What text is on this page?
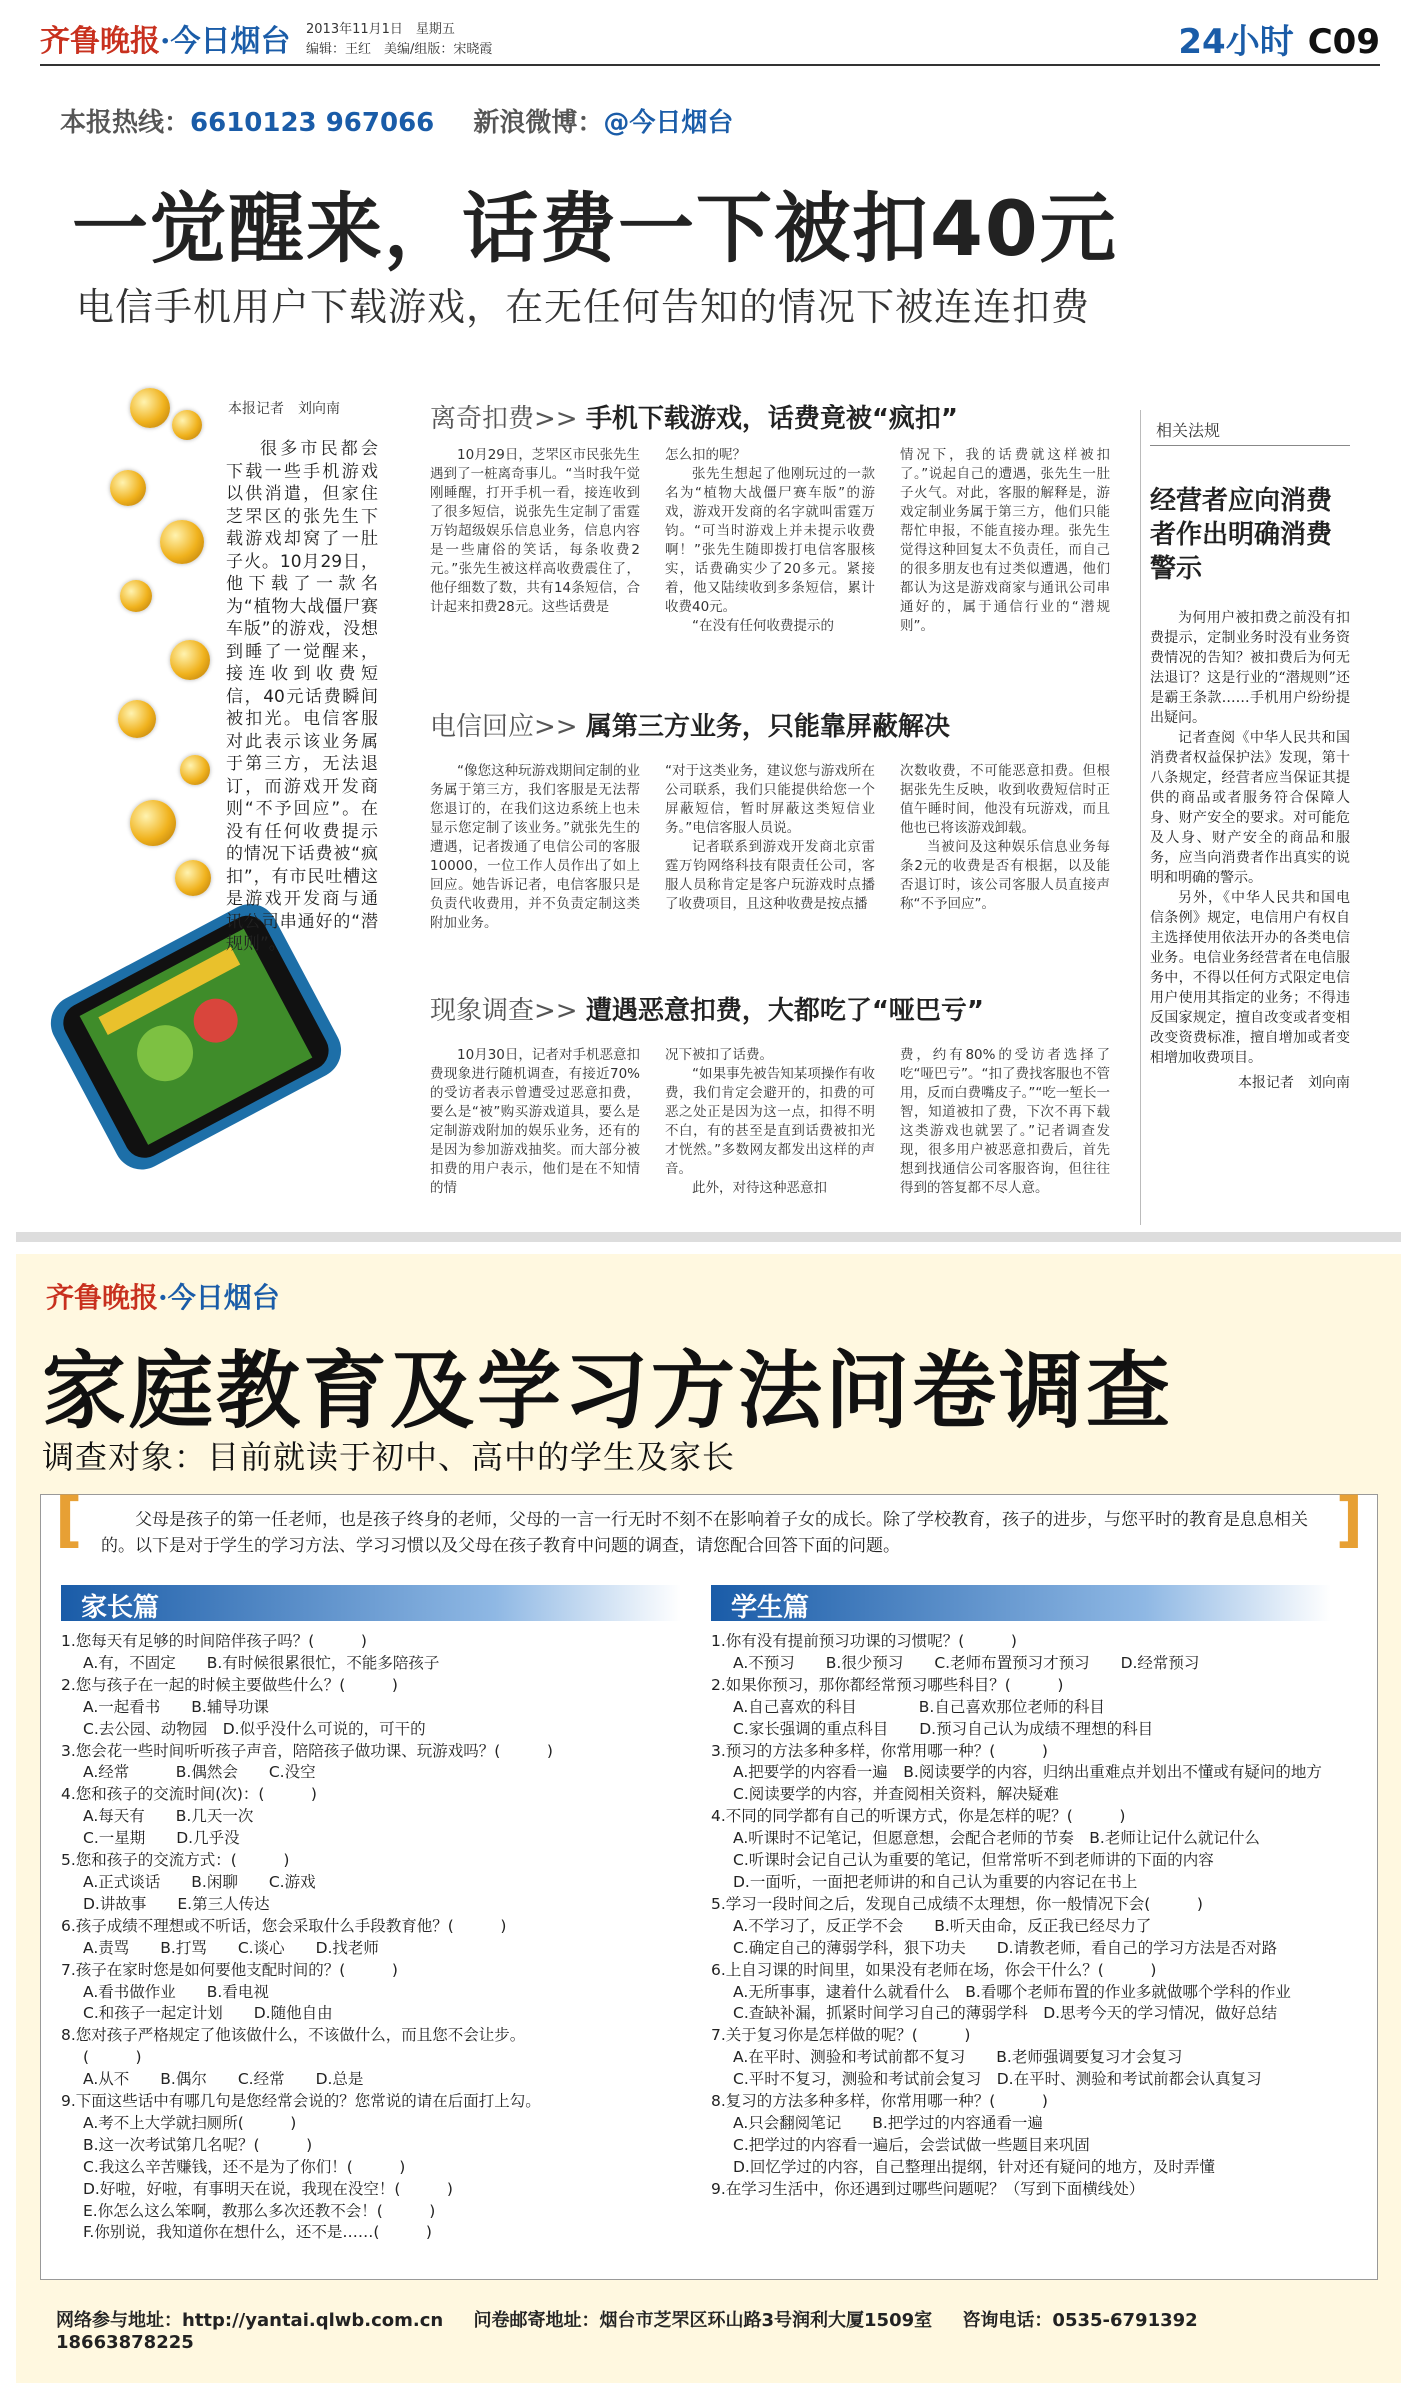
齐鲁晚报·今日烟台 2013年11月1日　星期五
编辑：王红　美编/组版：宋晓霞	24小时 C09
本报热线：6610123 967066 新浪微博：@今日烟台
一觉醒来，话费一下被扣40元
电信手机用户下载游戏，在无任何告知的情况下被连连扣费
本报记者　刘向南

很多市民都会下载一些手机游戏以供消遣，但家住芝罘区的张先生下载游戏却窝了一肚子火。10月29日，他下载了一款名为“植物大战僵尸赛车版”的游戏，没想到睡了一觉醒来，接连收到收费短信，40元话费瞬间被扣光。电信客服对此表示该业务属于第三方，无法退订，而游戏开发商则“不予回应”。在没有任何收费提示的情况下话费被“疯扣”，有市民吐槽这是游戏开发商与通讯公司串通好的“潜规则”。

离奇扣费>> 手机下载游戏，话费竟被“疯扣”

10月29日，芝罘区市民张先生遇到了一桩离奇事儿。“当时我午觉刚睡醒，打开手机一看，接连收到了很多短信，说张先生定制了雷霆万钧超级娱乐信息业务，信息内容是一些庸俗的笑话，每条收费2元。”张先生被这样高收费震住了，他仔细数了数，共有14条短信，合计起来扣费28元。这些话费是

怎么扣的呢？

张先生想起了他刚玩过的一款名为“植物大战僵尸赛车版”的游戏，游戏开发商的名字就叫雷霆万钧。“可当时游戏上并未提示收费啊！”张先生随即拨打电信客服核实，话费确实少了20多元。紧接着，他又陆续收到多条短信，累计收费40元。

“在没有任何收费提示的

情况下，我的话费就这样被扣了。”说起自己的遭遇，张先生一肚子火气。对此，客服的解释是，游戏定制业务属于第三方，他们只能帮忙申报，不能直接办理。张先生觉得这种回复太不负责任，而自己的很多朋友也有过类似遭遇，他们都认为这是游戏商家与通讯公司串通好的，属于通信行业的“潜规则”。

电信回应>> 属第三方业务，只能靠屏蔽解决

“像您这种玩游戏期间定制的业务属于第三方，我们客服是无法帮您退订的，在我们这边系统上也未显示您定制了该业务。”就张先生的遭遇，记者拨通了电信公司的客服10000，一位工作人员作出了如上回应。她告诉记者，电信客服只是负责代收费用，并不负责定制这类附加业务。

“对于这类业务，建议您与游戏所在公司联系，我们只能提供给您一个屏蔽短信，暂时屏蔽这类短信业务。”电信客服人员说。

记者联系到游戏开发商北京雷霆万钧网络科技有限责任公司，客服人员称肯定是客户玩游戏时点播了收费项目，且这种收费是按点播

次数收费，不可能恶意扣费。但根据张先生反映，收到收费短信时正值午睡时间，他没有玩游戏，而且他也已将该游戏卸载。

当被问及这种娱乐信息业务每条2元的收费是否有根据，以及能否退订时，该公司客服人员直接声称“不予回应”。

现象调查>> 遭遇恶意扣费，大都吃了“哑巴亏”

10月30日，记者对手机恶意扣费现象进行随机调查，有接近70%的受访者表示曾遭受过恶意扣费，要么是“被”购买游戏道具，要么是定制游戏附加的娱乐业务，还有的是因为参加游戏抽奖。而大部分被扣费的用户表示，他们是在不知情的情

况下被扣了话费。

“如果事先被告知某项操作有收费，我们肯定会避开的，扣费的可恶之处正是因为这一点，扣得不明不白，有的甚至是直到话费被扣光才恍然。”多数网友都发出这样的声音。

此外，对待这种恶意扣

费，约有80%的受访者选择了吃“哑巴亏”。“扣了费找客服也不管用，反而白费嘴皮子。”“吃一堑长一智，知道被扣了费，下次不再下载这类游戏也就罢了。”记者调查发现，很多用户被恶意扣费后，首先想到找通信公司客服咨询，但往往得到的答复都不尽人意。

相关法规
经营者应向消费者作出明确消费警示

为何用户被扣费之前没有扣费提示，定制业务时没有业务资费情况的告知？被扣费后为何无法退订？这是行业的“潜规则”还是霸王条款……手机用户纷纷提出疑问。

记者查阅《中华人民共和国消费者权益保护法》发现，第十八条规定，经营者应当保证其提供的商品或者服务符合保障人身、财产安全的要求。对可能危及人身、财产安全的商品和服务，应当向消费者作出真实的说明和明确的警示。

另外，《中华人民共和国电信条例》规定，电信用户有权自主选择使用依法开办的各类电信业务。电信业务经营者在电信服务中，不得以任何方式限定电信用户使用其指定的业务；不得违反国家规定，擅自改变或者变相改变资费标准，擅自增加或者变相增加收费项目。

本报记者　刘向南
齐鲁晚报·今日烟台
家庭教育及学习方法问卷调查
调查对象：目前就读于初中、高中的学生及家长
[	]
父母是孩子的第一任老师，也是孩子终身的老师，父母的一言一行无时不刻不在影响着子女的成长。除了学校教育，孩子的进步，与您平时的教育是息息相关的。以下是对于学生的学习方法、学习习惯以及父母在孩子教育中问题的调查，请您配合回答下面的问题。
家长篇	学生篇
1.您每天有足够的时间陪伴孩子吗？(　　　)
A.有，不固定　　B.有时候很累很忙，不能多陪孩子
2.您与孩子在一起的时候主要做些什么？(　　　)
A.一起看书　　B.辅导功课
C.去公园、动物园　D.似乎没什么可说的，可干的
3.您会花一些时间听听孩子声音，陪陪孩子做功课、玩游戏吗？(　　　)
A.经常　　　B.偶然会　　C.没空
4.您和孩子的交流时间(次)：(　　　)
A.每天有　　B.几天一次
C.一星期　　D.几乎没
5.您和孩子的交流方式：(　　　)
A.正式谈话　　B.闲聊　　C.游戏
D.讲故事　　E.第三人传达
6.孩子成绩不理想或不听话，您会采取什么手段教育他？(　　　)
A.责骂　　B.打骂　　C.谈心　　D.找老师
7.孩子在家时您是如何要他支配时间的？(　　　)
A.看书做作业　　B.看电视
C.和孩子一起定计划　　D.随他自由
8.您对孩子严格规定了他该做什么，不该做什么，而且您不会让步。
(　　　)
A.从不　　B.偶尔　　C.经常　　D.总是
9.下面这些话中有哪几句是您经常会说的？您常说的请在后面打上勾。
A.考不上大学就扫厕所(　　　)
B.这一次考试第几名呢？(　　　)
C.我这么辛苦赚钱，还不是为了你们！(　　　)
D.好啦，好啦，有事明天在说，我现在没空！(　　　)
E.你怎么这么笨啊，教那么多次还教不会！(　　　)
F.你别说，我知道你在想什么，还不是……(　　　)
1.你有没有提前预习功课的习惯呢？(　　　)
A.不预习　　B.很少预习　　C.老师布置预习才预习　　D.经常预习
2.如果你预习，那你都经常预习哪些科目？(　　　)
A.自己喜欢的科目　　　　B.自己喜欢那位老师的科目
C.家长强调的重点科目　　D.预习自己认为成绩不理想的科目
3.预习的方法多种多样，你常用哪一种？(　　　)
A.把要学的内容看一遍　B.阅读要学的内容，归纳出重难点并划出不懂或有疑问的地方
C.阅读要学的内容，并查阅相关资料，解决疑难
4.不同的同学都有自己的听课方式，你是怎样的呢？(　　　)
A.听课时不记笔记，但愿意想，会配合老师的节奏　B.老师让记什么就记什么
C.听课时会记自己认为重要的笔记，但常常听不到老师讲的下面的内容
D.一面听，一面把老师讲的和自己认为重要的内容记在书上
5.学习一段时间之后，发现自己成绩不太理想，你一般情况下会(　　　)
A.不学习了，反正学不会　　B.听天由命，反正我已经尽力了
C.确定自己的薄弱学科，狠下功夫　　D.请教老师，看自己的学习方法是否对路
6.上自习课的时间里，如果没有老师在场，你会干什么？(　　　)
A.无所事事，逮着什么就看什么　B.看哪个老师布置的作业多就做哪个学科的作业
C.查缺补漏，抓紧时间学习自己的薄弱学科　D.思考今天的学习情况，做好总结
7.关于复习你是怎样做的呢？(　　　)
A.在平时、测验和考试前都不复习　　B.老师强调要复习才会复习
C.平时不复习，测验和考试前会复习　D.在平时、测验和考试前都会认真复习
8.复习的方法多种多样，你常用哪一种？(　　　)
A.只会翻阅笔记　　B.把学过的内容通看一遍
C.把学过的内容看一遍后，会尝试做一些题目来巩固
D.回忆学过的内容，自己整理出提纲，针对还有疑问的地方，及时弄懂
9.在学习生活中，你还遇到过哪些问题呢？（写到下面横线处）
网络参与地址：http://yantai.qlwb.com.cn 问卷邮寄地址：烟台市芝罘区环山路3号润利大厦1509室 咨询电话：0535-6791392　18663878225
